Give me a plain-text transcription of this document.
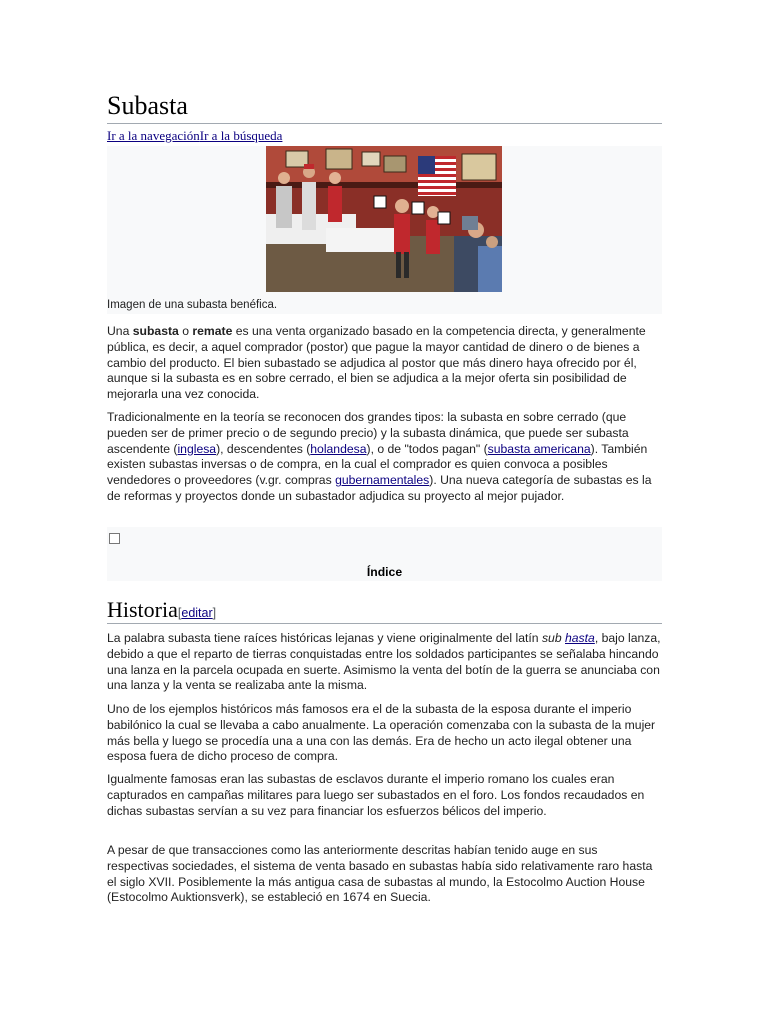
Subasta
Ir a la navegaciónIr a la búsqueda
Imagen de una subasta benéfica.

Una subasta o remate es una venta organizado basado en la competencia directa, y generalmente pública, es decir, a aquel comprador (postor) que pague la mayor cantidad de dinero o de bienes a cambio del producto. El bien subastado se adjudica al postor que más dinero haya ofrecido por él, aunque si la subasta es en sobre cerrado, el bien se adjudica a la mejor oferta sin posibilidad de mejorarla una vez conocida.

Tradicionalmente en la teoría se reconocen dos grandes tipos: la subasta en sobre cerrado (que pueden ser de primer precio o de segundo precio) y la subasta dinámica, que puede ser subasta ascendente (inglesa), descendentes (holandesa), o de "todos pagan" (subasta americana). También existen subastas inversas o de compra, en la cual el comprador es quien convoca a posibles vendedores o proveedores (v.gr. compras gubernamentales). Una nueva categoría de subastas es la de reformas y proyectos donde un subastador adjudica su proyecto al mejor pujador.

Índice
Historia[editar]

La palabra subasta tiene raíces históricas lejanas y viene originalmente del latín sub hasta, bajo lanza, debido a que el reparto de tierras conquistadas entre los soldados participantes se señalaba hincando una lanza en la parcela ocupada en suerte. Asimismo la venta del botín de la guerra se anunciaba con una lanza y la venta se realizaba ante la misma.

Uno de los ejemplos históricos más famosos era el de la subasta de la esposa durante el imperio babilónico la cual se llevaba a cabo anualmente. La operación comenzaba con la subasta de la mujer más bella y luego se procedía una a una con las demás. Era de hecho un acto ilegal obtener una esposa fuera de dicho proceso de compra.

Igualmente famosas eran las subastas de esclavos durante el imperio romano los cuales eran capturados en campañas militares para luego ser subastados en el foro. Los fondos recaudados en dichas subastas servían a su vez para financiar los esfuerzos bélicos del imperio.

A pesar de que transacciones como las anteriormente descritas habían tenido auge en sus respectivas sociedades, el sistema de venta basado en subastas había sido relativamente raro hasta el siglo XVII. Posiblemente la más antigua casa de subastas al mundo, la Estocolmo Auction House (Estocolmo Auktionsverk), se estableció en 1674 en Suecia.
